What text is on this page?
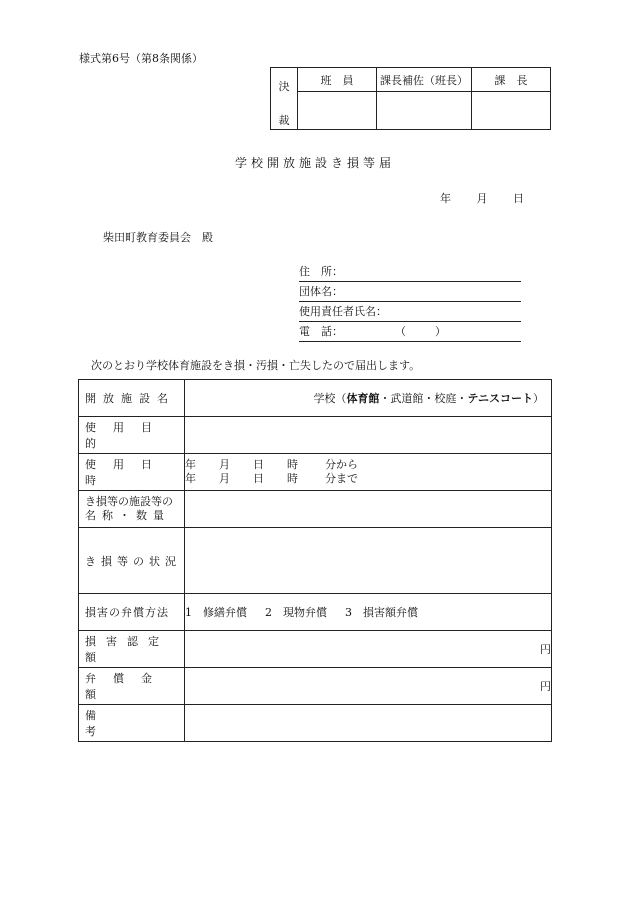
様式第6号（第8条関係）
決
裁	班　員	課長補佐（班長）	課　長

学校開放施設き損等届
年 月 日
柴田町教育委員会　殿
住　所：
団体名：
使用責任者氏名：
電　話：	（	）
次のとおり学校体育施設をき損・汚損・亡失したので届出します。
開放施設名	学校（体育館・武道館・校庭・テニスコート）

使用目的	

使用日時	年 月 日 時 分から
年 月 日 時 分まで

き損等の施設等の
名称・数量	

き損等の状況	

損害の弁償方法	1　修繕弁償 2　現物弁償 3　損害額弁償

損害認定額	円

弁償金額	円

備考	
